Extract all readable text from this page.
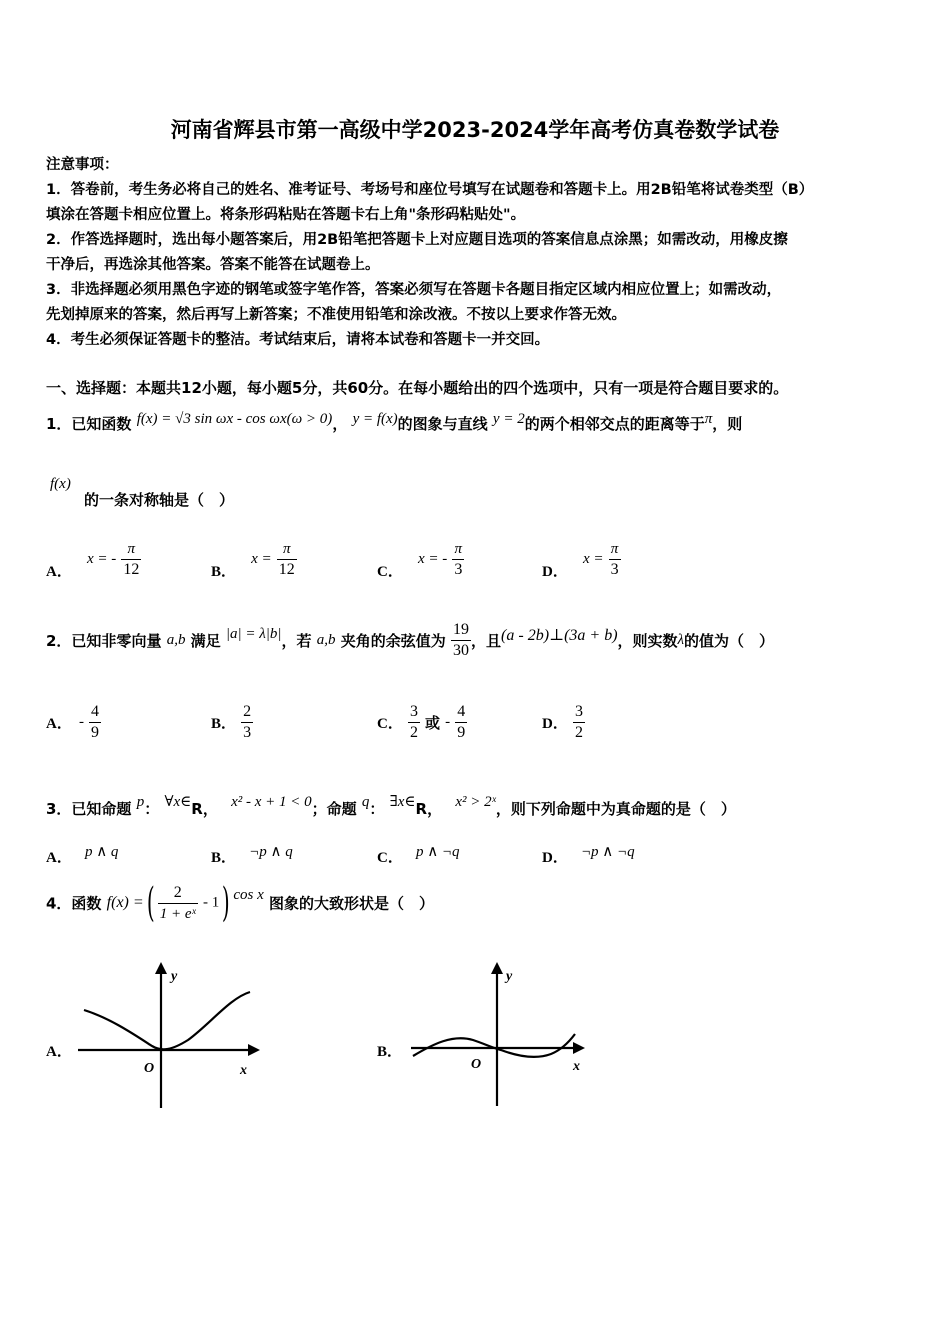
河南省辉县市第一高级中学2023-2024学年高考仿真卷数学试卷
注意事项：
1．答卷前，考生务必将自己的姓名、准考证号、考场号和座位号填写在试题卷和答题卡上。用2B铅笔将试卷类型（B）
填涂在答题卡相应位置上。将条形码粘贴在答题卡右上角"条形码粘贴处"。
2．作答选择题时，选出每小题答案后，用2B铅笔把答题卡上对应题目选项的答案信息点涂黑；如需改动，用橡皮擦
干净后，再选涂其他答案。答案不能答在试题卷上。
3．非选择题必须用黑色字迹的钢笔或签字笔作答，答案必须写在答题卡各题目指定区域内相应位置上；如需改动，
先划掉原来的答案，然后再写上新答案；不准使用铅笔和涂改液。不按以上要求作答无效。
4．考生必须保证答题卡的整洁。考试结束后，请将本试卷和答题卡一并交回。
一、选择题：本题共12小题，每小题5分，共60分。在每小题给出的四个选项中，只有一项是符合题目要求的。
1．已知函数 f(x) = √3 sin ωx - cos ωx(ω > 0)， y = f(x)的图象与直线 y = 2的两个相邻交点的距离等于π，则
f(x)
的一条对称轴是（　）
A． x = - $\frac{\pi}{12}$	B． $x = \frac{\pi}{12}$	C． x = - $\frac{\pi}{3}$	D． $x = \frac{\pi}{3}$
2．已知非零向量 a,b 满足 |a| = λ|b|，若 a,b 夹角的余弦值为 $\frac{19}{30}$ ，且(a - 2b)⊥(3a + b)，则实数λ的值为（　）
A． - $\frac{4}{9}$	B． $\frac{2}{3}$	C． $\frac{3}{2}$ 或 - $\frac{4}{9}$	D． $\frac{3}{2}$
3．已知命题 p： ∀x∈R， x² - x + 1 < 0；命题 q： ∃x∈R， x² > 2ˣ，则下列命题中为真命题的是（　）
A． p ∧ q	B． ¬p ∧ q	C． p ∧ ¬q	D． ¬p ∧ ¬q
4．函数 f(x) = ( $\frac{2}{\text{1 + eˣ}} - 1$ ) cos x 图象的大致形状是（　）
A．
y
O	x
B．
y
O	x
